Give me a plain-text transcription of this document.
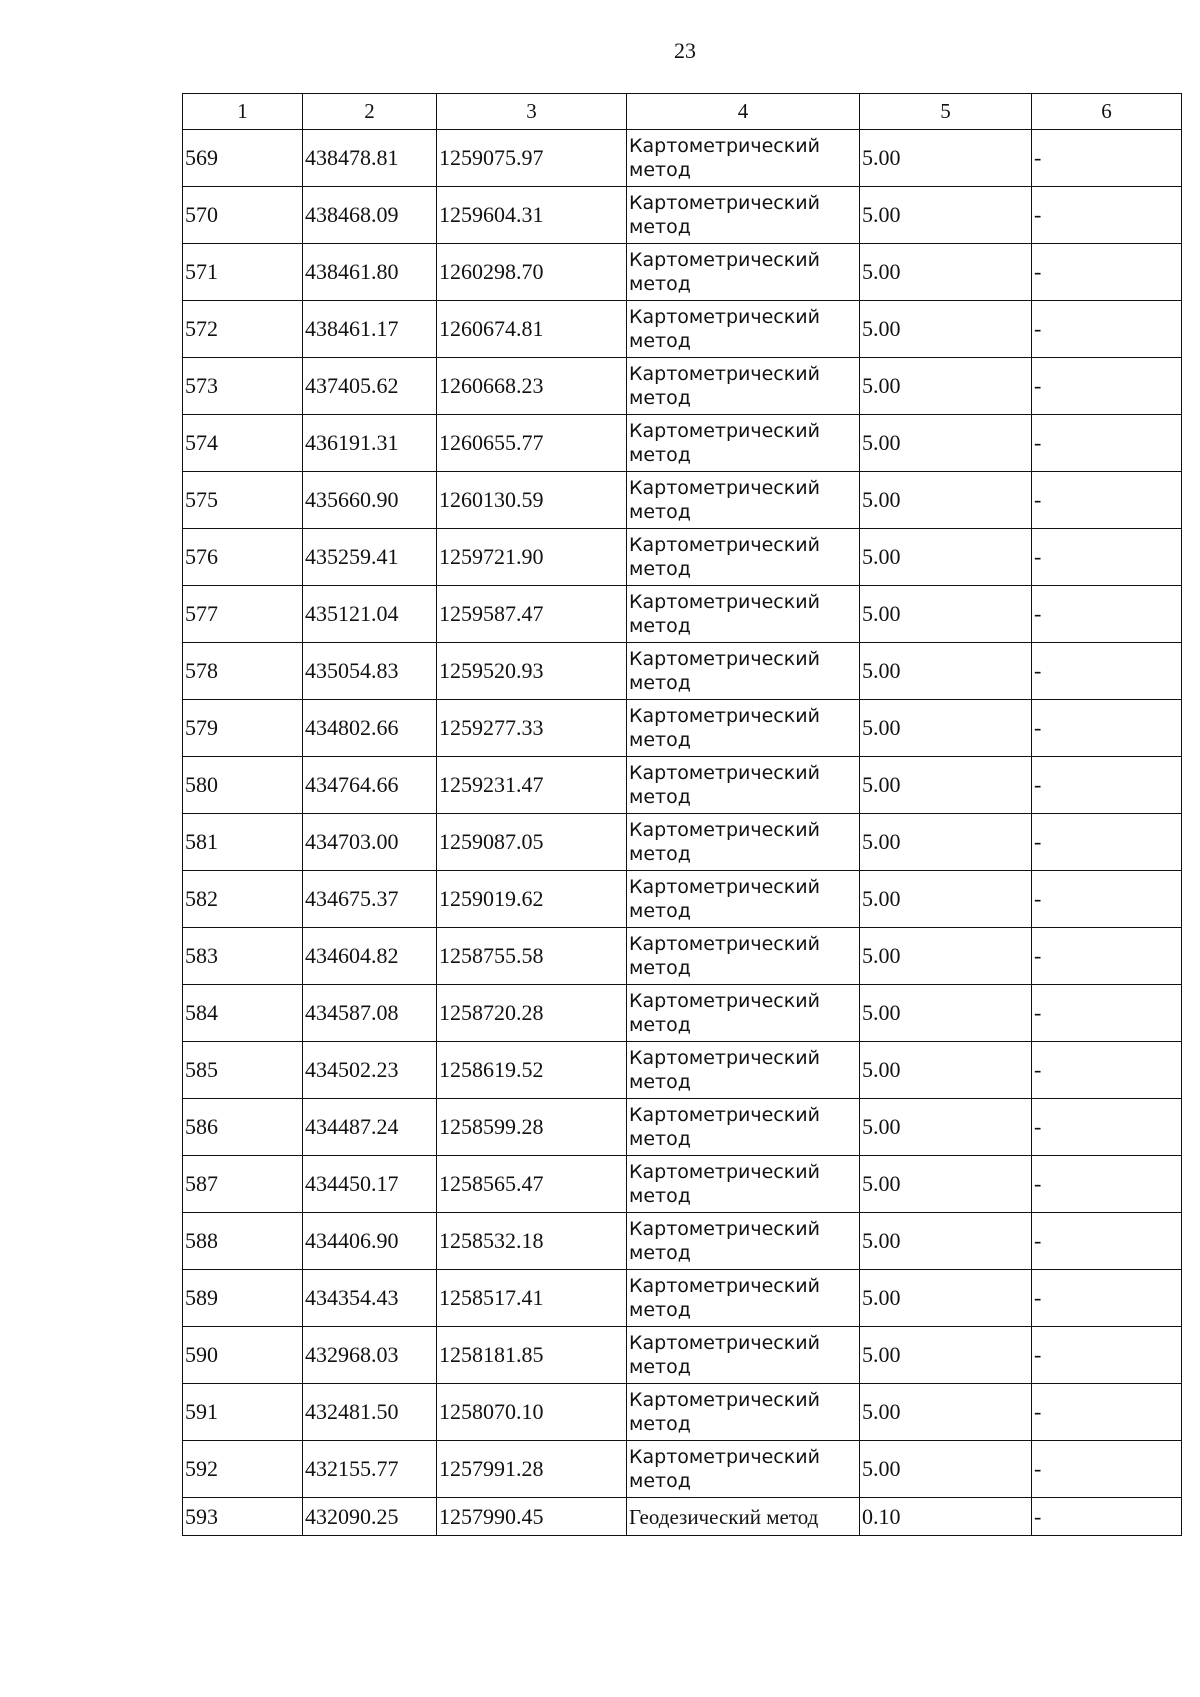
23
1	2	3	4	5	6
569	438478.81	1259075.97	Картометрический метод	5.00	-
570	438468.09	1259604.31	Картометрический метод	5.00	-
571	438461.80	1260298.70	Картометрический метод	5.00	-
572	438461.17	1260674.81	Картометрический метод	5.00	-
573	437405.62	1260668.23	Картометрический метод	5.00	-
574	436191.31	1260655.77	Картометрический метод	5.00	-
575	435660.90	1260130.59	Картометрический метод	5.00	-
576	435259.41	1259721.90	Картометрический метод	5.00	-
577	435121.04	1259587.47	Картометрический метод	5.00	-
578	435054.83	1259520.93	Картометрический метод	5.00	-
579	434802.66	1259277.33	Картометрический метод	5.00	-
580	434764.66	1259231.47	Картометрический метод	5.00	-
581	434703.00	1259087.05	Картометрический метод	5.00	-
582	434675.37	1259019.62	Картометрический метод	5.00	-
583	434604.82	1258755.58	Картометрический метод	5.00	-
584	434587.08	1258720.28	Картометрический метод	5.00	-
585	434502.23	1258619.52	Картометрический метод	5.00	-
586	434487.24	1258599.28	Картометрический метод	5.00	-
587	434450.17	1258565.47	Картометрический метод	5.00	-
588	434406.90	1258532.18	Картометрический метод	5.00	-
589	434354.43	1258517.41	Картометрический метод	5.00	-
590	432968.03	1258181.85	Картометрический метод	5.00	-
591	432481.50	1258070.10	Картометрический метод	5.00	-
592	432155.77	1257991.28	Картометрический метод	5.00	-
593	432090.25	1257990.45	Геодезический метод	0.10	-
